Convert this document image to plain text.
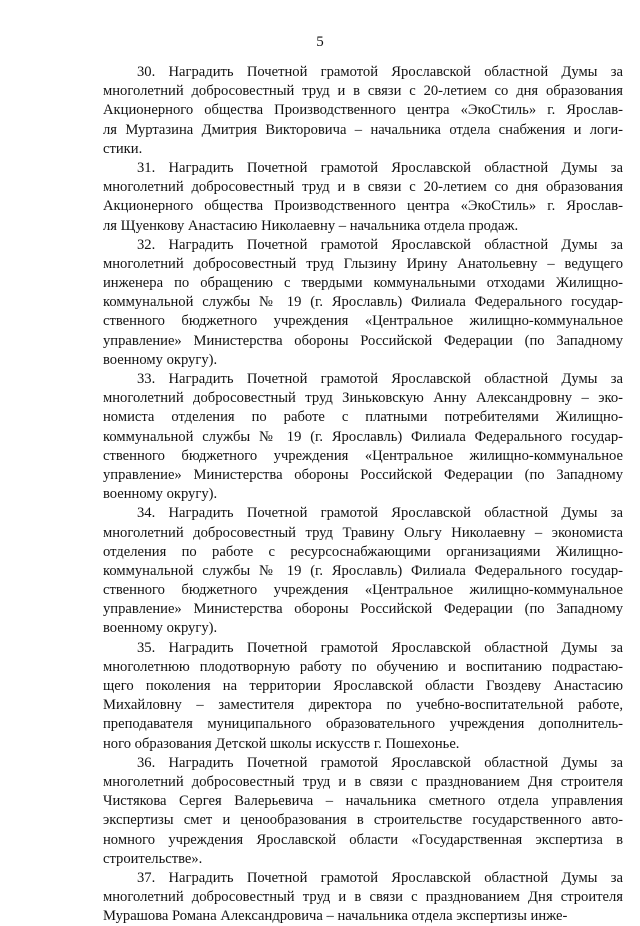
5
30. Наградить Почетной грамотой Ярославской областной Думы за
многолетний добросовестный труд и в связи с 20-летием со дня образования
Акционерного общества Производственного центра «ЭкоСтиль» г. Ярослав-
ля Муртазина Дмитрия Викторовича – начальника отдела снабжения и логи-
стики.
31. Наградить Почетной грамотой Ярославской областной Думы за
многолетний добросовестный труд и в связи с 20-летием со дня образования
Акционерного общества Производственного центра «ЭкоСтиль» г. Ярослав-
ля Щуенкову Анастасию Николаевну – начальника отдела продаж.
32. Наградить Почетной грамотой Ярославской областной Думы за
многолетний добросовестный труд Глызину Ирину Анатольевну – ведущего
инженера по обращению с твердыми коммунальными отходами Жилищно-
коммунальной службы № 19 (г. Ярославль) Филиала Федерального государ-
ственного бюджетного учреждения «Центральное жилищно-коммунальное
управление» Министерства обороны Российской Федерации (по Западному
военному округу).
33. Наградить Почетной грамотой Ярославской областной Думы за
многолетний добросовестный труд Зиньковскую Анну Александровну – эко-
номиста отделения по работе с платными потребителями Жилищно-
коммунальной службы № 19 (г. Ярославль) Филиала Федерального государ-
ственного бюджетного учреждения «Центральное жилищно-коммунальное
управление» Министерства обороны Российской Федерации (по Западному
военному округу).
34. Наградить Почетной грамотой Ярославской областной Думы за
многолетний добросовестный труд Травину Ольгу Николаевну – экономиста
отделения по работе с ресурсоснабжающими организациями Жилищно-
коммунальной службы № 19 (г. Ярославль) Филиала Федерального государ-
ственного бюджетного учреждения «Центральное жилищно-коммунальное
управление» Министерства обороны Российской Федерации (по Западному
военному округу).
35. Наградить Почетной грамотой Ярославской областной Думы за
многолетнюю плодотворную работу по обучению и воспитанию подрастаю-
щего поколения на территории Ярославской области Гвоздеву Анастасию
Михайловну – заместителя директора по учебно-воспитательной работе,
преподавателя муниципального образовательного учреждения дополнитель-
ного образования Детской школы искусств г. Пошехонье.
36. Наградить Почетной грамотой Ярославской областной Думы за
многолетний добросовестный труд и в связи с празднованием Дня строителя
Чистякова Сергея Валерьевича – начальника сметного отдела управления
экспертизы смет и ценообразования в строительстве государственного авто-
номного учреждения Ярославской области «Государственная экспертиза в
строительстве».
37. Наградить Почетной грамотой Ярославской областной Думы за
многолетний добросовестный труд и в связи с празднованием Дня строителя
Мурашова Романа Александровича – начальника отдела экспертизы инже-
